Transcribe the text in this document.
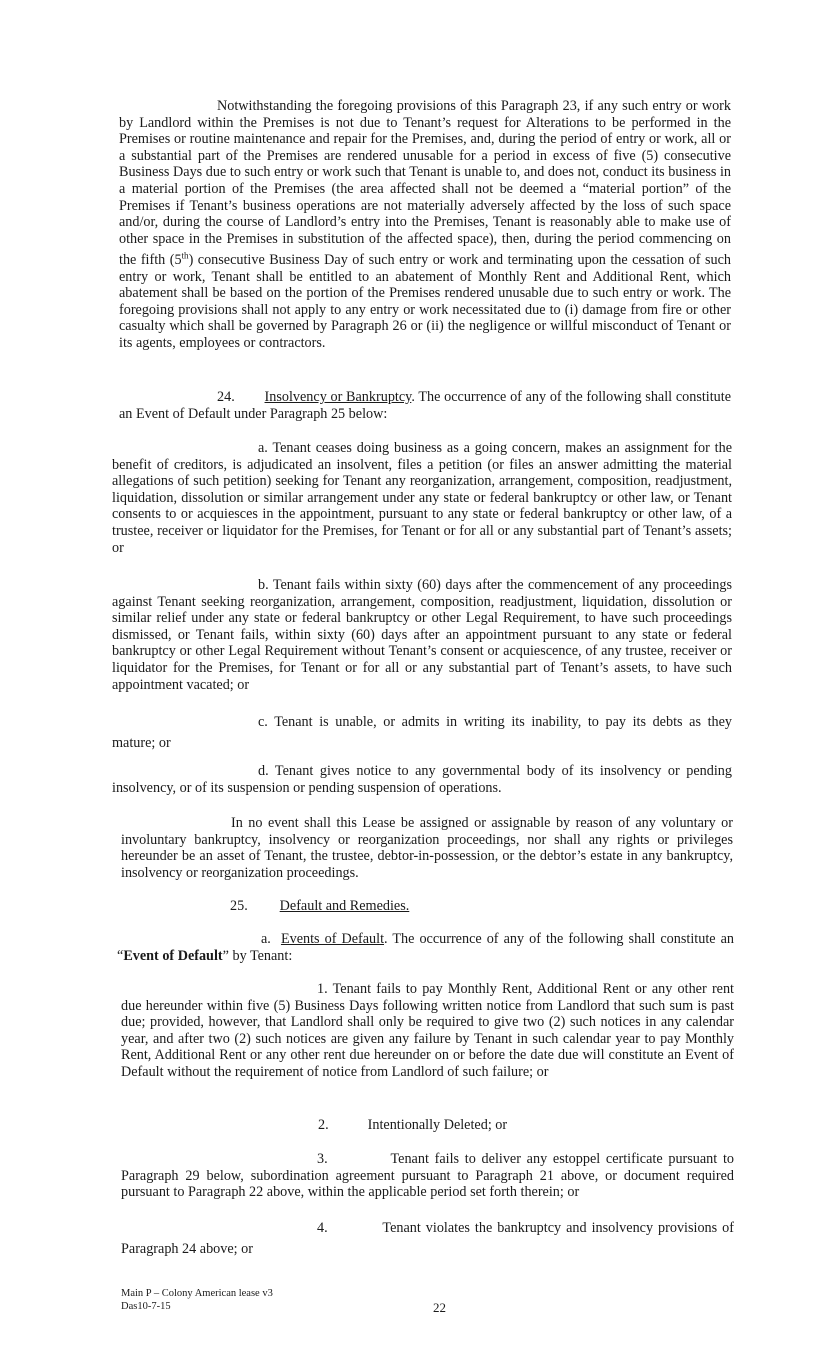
Notwithstanding the foregoing provisions of this Paragraph 23, if any such entry or work by Landlord within the Premises is not due to Tenant’s request for Alterations to be performed in the Premises or routine maintenance and repair for the Premises, and, during the period of entry or work, all or a substantial part of the Premises are rendered unusable for a period in excess of five (5) consecutive Business Days due to such entry or work such that Tenant is unable to, and does not, conduct its business in a material portion of the Premises (the area affected shall not be deemed a “material portion” of the Premises if Tenant’s business operations are not materially adversely affected by the loss of such space and/or, during the course of Landlord’s entry into the Premises, Tenant is reasonably able to make use of other space in the Premises in substitution of the affected space), then, during the period commencing on the fifth (5th) consecutive Business Day of such entry or work and terminating upon the cessation of such entry or work, Tenant shall be entitled to an abatement of Monthly Rent and Additional Rent, which abatement shall be based on the portion of the Premises rendered unusable due to such entry or work. The foregoing provisions shall not apply to any entry or work necessitated due to (i) damage from fire or other casualty which shall be governed by Paragraph 26 or (ii) the negligence or willful misconduct of Tenant or its agents, employees or contractors.

24. Insolvency or Bankruptcy. The occurrence of any of the following shall constitute an Event of Default under Paragraph 25 below:

a. Tenant ceases doing business as a going concern, makes an assignment for the benefit of creditors, is adjudicated an insolvent, files a petition (or files an answer admitting the material allegations of such petition) seeking for Tenant any reorganization, arrangement, composition, readjustment, liquidation, dissolution or similar arrangement under any state or federal bankruptcy or other law, or Tenant consents to or acquiesces in the appointment, pursuant to any state or federal bankruptcy or other law, of a trustee, receiver or liquidator for the Premises, for Tenant or for all or any substantial part of Tenant’s assets; or

b. Tenant fails within sixty (60) days after the commencement of any proceedings against Tenant seeking reorganization, arrangement, composition, readjustment, liquidation, dissolution or similar relief under any state or federal bankruptcy or other Legal Requirement, to have such proceedings dismissed, or Tenant fails, within sixty (60) days after an appointment pursuant to any state or federal bankruptcy or other Legal Requirement without Tenant’s consent or acquiescence, of any trustee, receiver or liquidator for the Premises, for Tenant or for all or any substantial part of Tenant’s assets, to have such appointment vacated; or

c. Tenant is unable, or admits in writing its inability, to pay its debts as they mature; or

d. Tenant gives notice to any governmental body of its insolvency or pending insolvency, or of its suspension or pending suspension of operations.

In no event shall this Lease be assigned or assignable by reason of any voluntary or involuntary bankruptcy, insolvency or reorganization proceedings, nor shall any rights or privileges hereunder be an asset of Tenant, the trustee, debtor-in-possession, or the debtor’s estate in any bankruptcy, insolvency or reorganization proceedings.

25. Default and Remedies.

a. Events of Default. The occurrence of any of the following shall constitute an “Event of Default” by Tenant:

1. Tenant fails to pay Monthly Rent, Additional Rent or any other rent due hereunder within five (5) Business Days following written notice from Landlord that such sum is past due; provided, however, that Landlord shall only be required to give two (2) such notices in any calendar year, and after two (2) such notices are given any failure by Tenant in such calendar year to pay Monthly Rent, Additional Rent or any other rent due hereunder on or before the date due will constitute an Event of Default without the requirement of notice from Landlord of such failure; or

2.	Intentionally Deleted; or

3.	Tenant fails to deliver any estoppel certificate pursuant to Paragraph 29 below, subordination agreement pursuant to Paragraph 21 above, or document required pursuant to Paragraph 22 above, within the applicable period set forth therein; or

4.	Tenant violates the bankruptcy and insolvency provisions of Paragraph 24 above; or

Main P – Colony American lease v3
Das10-7-15	22
